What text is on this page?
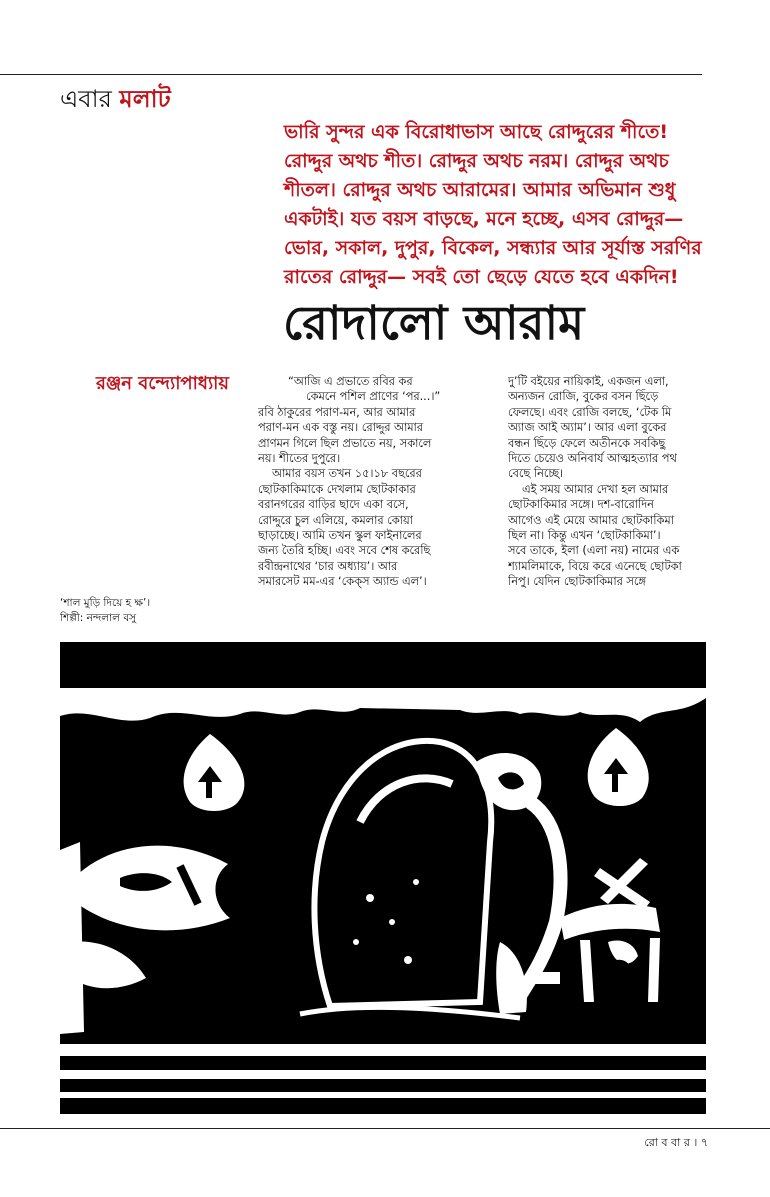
এবার মলাট

ভারি সুন্দর এক বিরোধাভাস আছে রোদ্দুরের শীতে!

রোদ্দুর অথচ শীত। রোদ্দুর অথচ নরম। রোদ্দুর অথচ

শীতল। রোদ্দুর অথচ আরামের। আমার অভিমান শুধু

একটাই। যত বয়স বাড়ছে, মনে হচ্ছে, এসব রোদ্দুর—

ভোর, সকাল, দুপুর, বিকেল, সন্ধ্যার আর সূর্যাস্ত সরণির

রাতের রোদ্দুর— সবই তো ছেড়ে যেতে হবে একদিন!

রোদালো আরাম
রঞ্জন বন্দ্যোপাধ্যায়	“আজি এ প্রভাতে রবির কর

কেমনে পশিল প্রাণের ‘পর...।”

রবি ঠাকুরের পরাণ-মন, আর আমার

পরাণ-মন এক বস্তু নয়। রোদ্দুর আমার

প্রাণমন গিলে ছিল প্রভাতে নয়, সকালে

নয়। শীতের দুপুরে।

আমার বয়স তখন ১৫।১৮ বছরের

ছোটকাকিমাকে দেখলাম ছোটকাকার

বরানগরের বাড়ির ছাদে একা বসে,

রোদ্দুরে চুল এলিয়ে, কমলার কোয়া

ছাড়াচ্ছে। আমি তখন স্কুল ফাইনালের

জন্য তৈরি হচ্ছি। এবং সবে শেষ করেছি

রবীন্দ্রনাথের ‘চার অধ্যায়’। আর

সমারসেট মম-এর ‘কেক্‌স অ্যান্ড এল’।

দু’টি বইয়ের নায়িকাই, একজন এলা,

অন্যজন রোজি, বুকের বসন ছিঁড়ে

ফেলছে। এবং রোজি বলছে, ‘টেক মি

অ্যাজ আই অ্যাম’। আর এলা বুকের

বন্ধন ছিঁড়ে ফেলে অতীনকে সবকিছু

দিতে চেয়েও অনিবার্য আত্মহত্যার পথ

বেছে নিচ্ছে।

এই সময় আমার দেখা হল আমার

ছোটকাকিমার সঙ্গে। দশ-বারোদিন

আগেও এই মেয়ে আমার ছোটকাকিমা

ছিল না। কিন্তু এখন ‘ছোটকাকিমা’।

সবে তাকে, ইলা (এলা নয়) নামের এক

শ্যামলিমাকে, বিয়ে করে এনেছে ছোটকা

নিপু। যেদিন ছোটকাকিমার সঙ্গে

‘শাল মুড়ি দিয়ে হ ক্ষ’।

শিল্পী: নন্দলাল বসু

রো ব বা র । ৭
